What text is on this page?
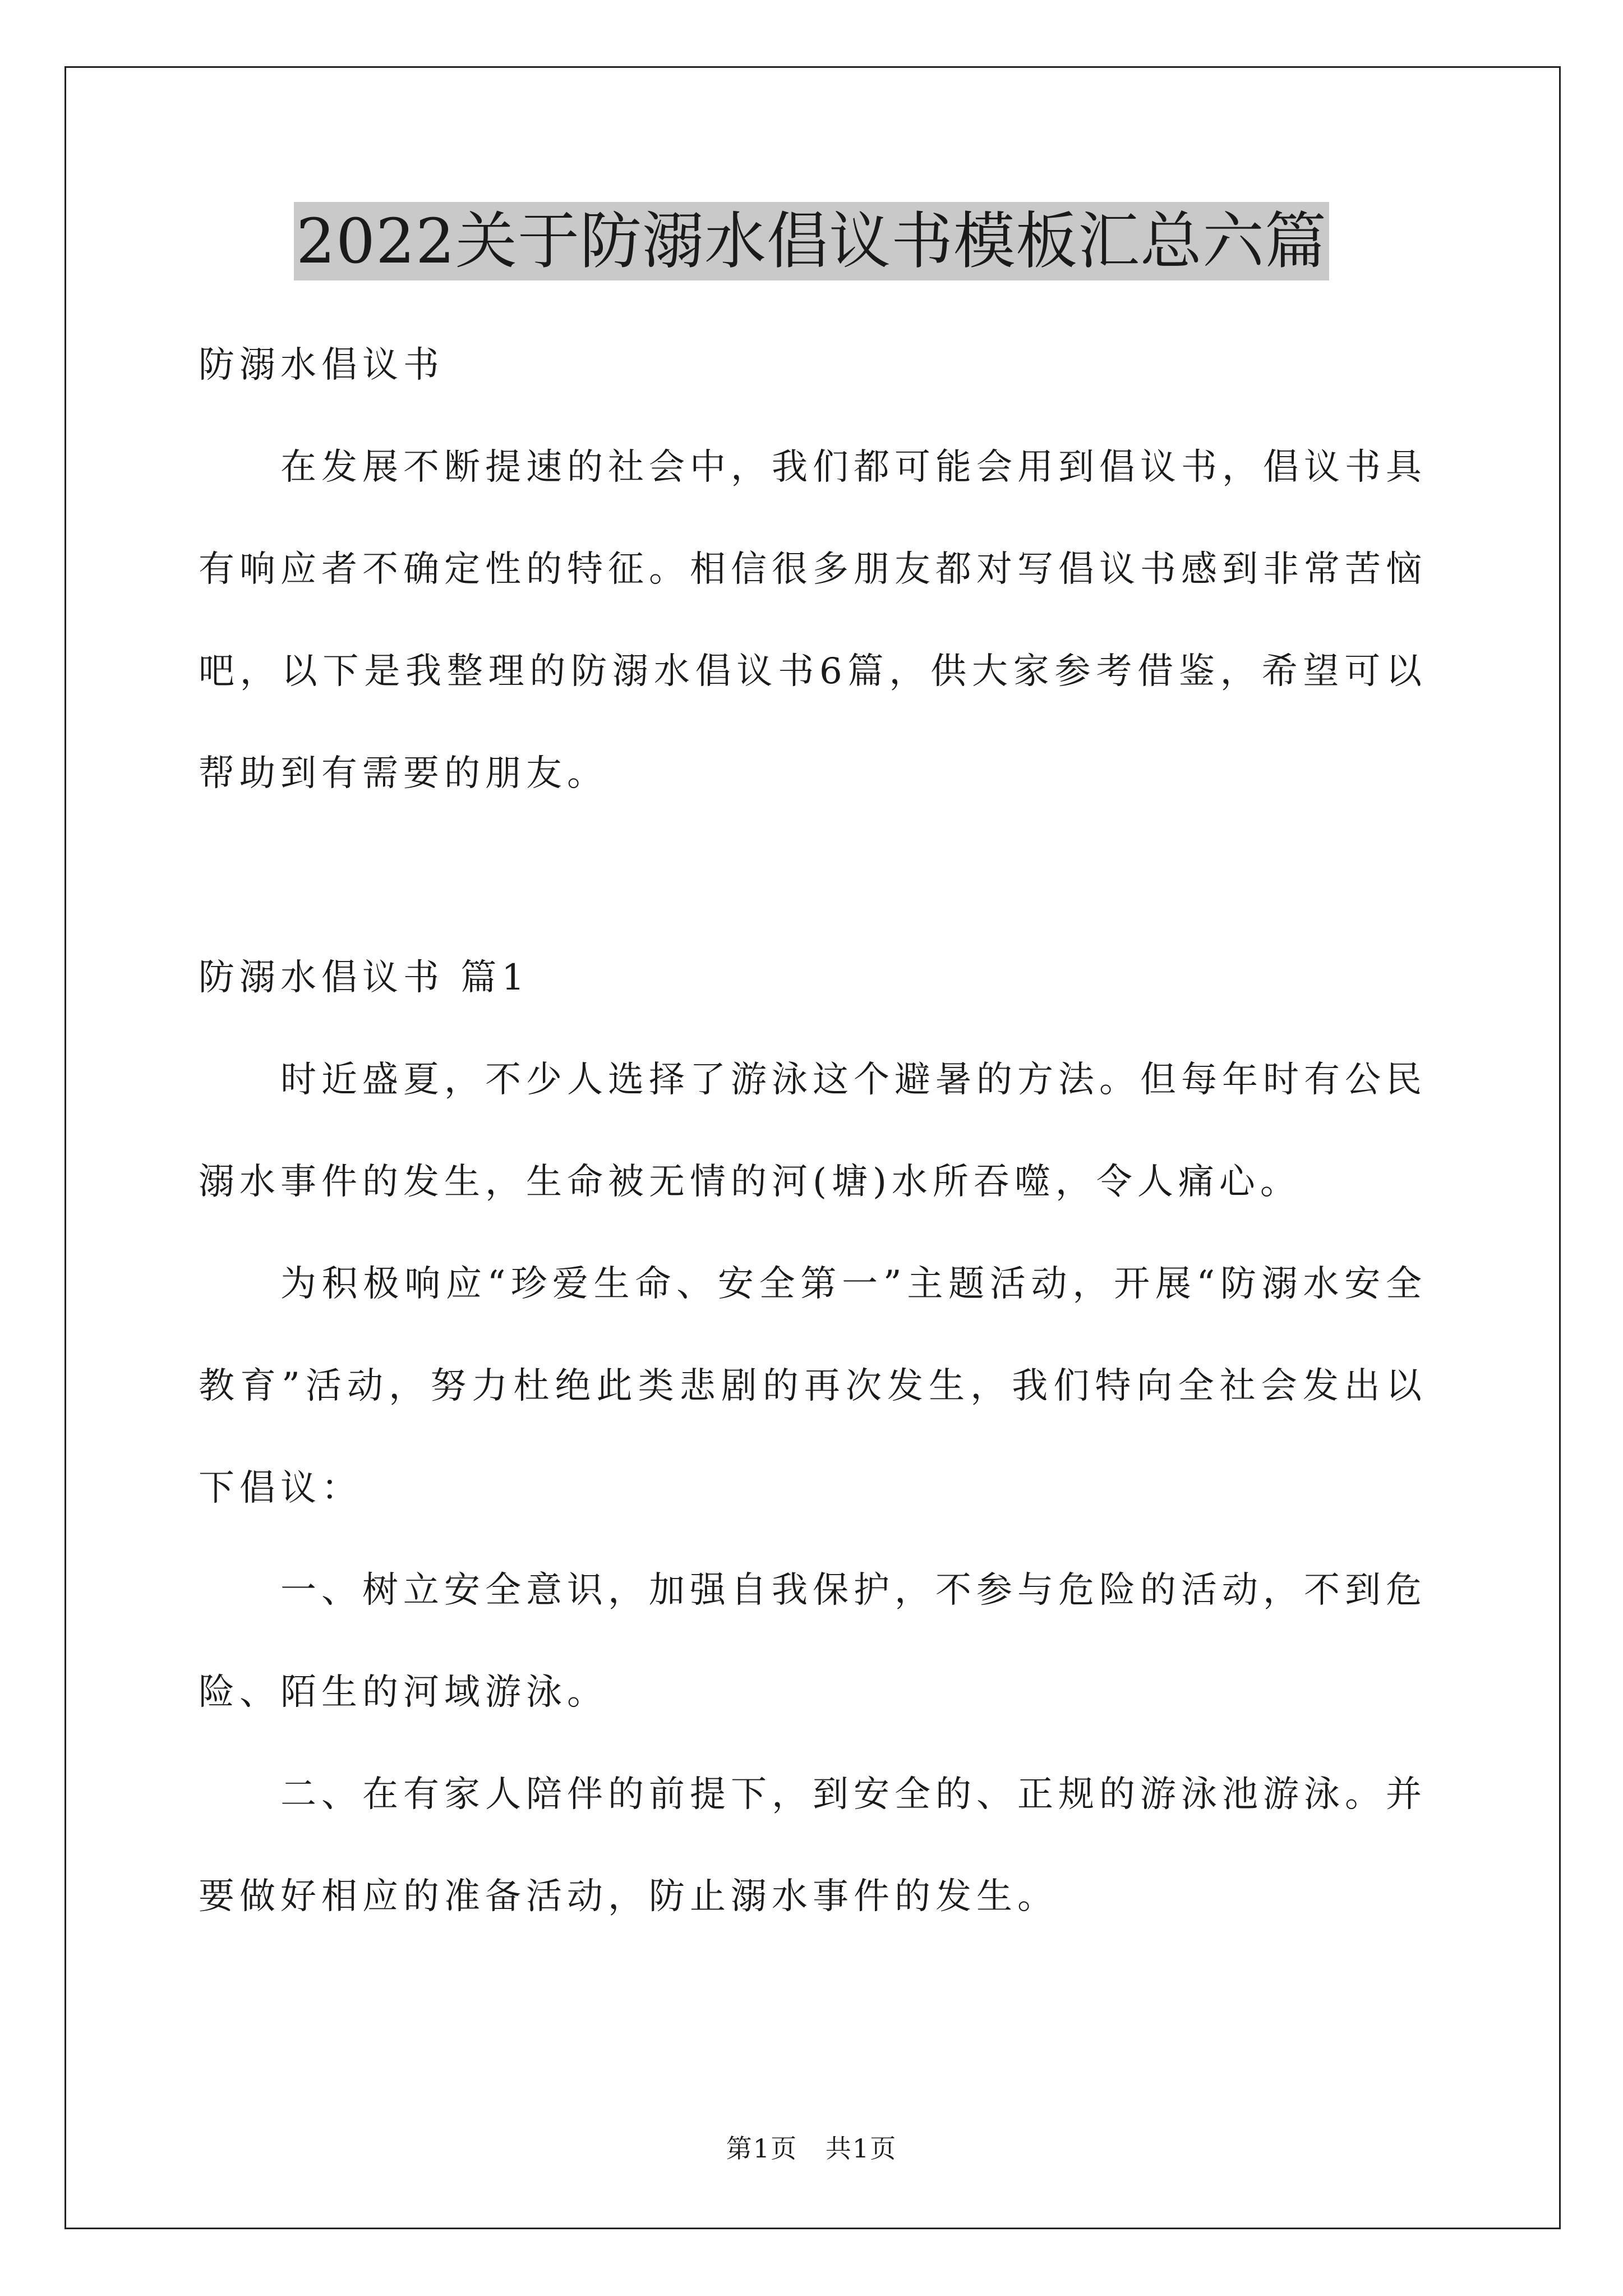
2022关于防溺水倡议书模板汇总六篇

防溺水倡议书

在发展不断提速的社会中，我们都可能会用到倡议书，倡议书具有响应者不确定性的特征。相信很多朋友都对写倡议书感到非常苦恼吧，以下是我整理的防溺水倡议书6篇，供大家参考借鉴，希望可以帮助到有需要的朋友。

防溺水倡议书 篇1

时近盛夏，不少人选择了游泳这个避暑的方法。但每年时有公民溺水事件的发生，生命被无情的河(塘)水所吞噬，令人痛心。

为积极响应“珍爱生命、安全第一”主题活动，开展“防溺水安全教育”活动，努力杜绝此类悲剧的再次发生，我们特向全社会发出以下倡议：

一、树立安全意识，加强自我保护，不参与危险的活动，不到危险、陌生的河域游泳。

二、在有家人陪伴的前提下，到安全的、正规的游泳池游泳。并要做好相应的准备活动，防止溺水事件的发生。

第1页   共1页
